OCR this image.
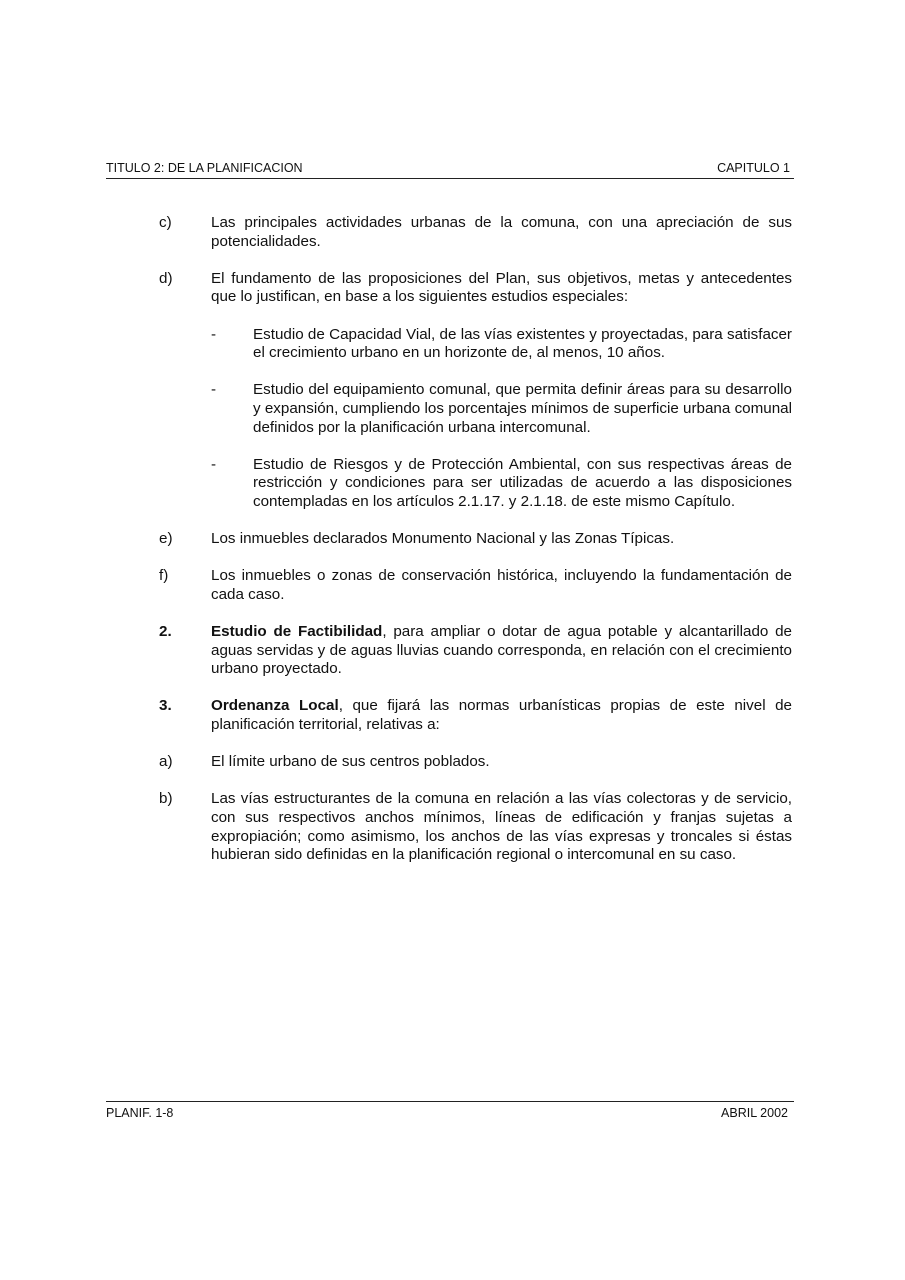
TITULO 2: DE LA PLANIFICACION	CAPITULO 1
c)	Las principales actividades urbanas de la comuna, con una apreciación de sus potencialidades.
d)	El fundamento de las proposiciones del Plan, sus objetivos, metas y antecedentes que lo justifican, en base a los siguientes estudios especiales:
- Estudio de Capacidad Vial, de las vías existentes y proyectadas, para satisfacer el crecimiento urbano en un horizonte de, al menos, 10 años.
- Estudio del equipamiento comunal, que permita definir áreas para su desarrollo y expansión, cumpliendo los porcentajes mínimos de superficie urbana comunal definidos por la planificación urbana intercomunal.
- Estudio de Riesgos y de Protección Ambiental, con sus respectivas áreas de restricción y condiciones para ser utilizadas de acuerdo a las disposiciones contempladas en los artículos 2.1.17. y 2.1.18. de este mismo Capítulo.
e)	Los inmuebles declarados Monumento Nacional y las Zonas Típicas.
f)	Los inmuebles o zonas de conservación histórica, incluyendo la fundamentación de cada caso.
2.	Estudio de Factibilidad, para ampliar o dotar de agua potable y alcantarillado de aguas servidas y de aguas lluvias cuando corresponda, en relación con el crecimiento urbano proyectado.
3.	Ordenanza Local, que fijará las normas urbanísticas propias de este nivel de planificación territorial, relativas a:
a)	El límite urbano de sus centros poblados.
b)	Las vías estructurantes de la comuna en relación a las vías colectoras y de servicio, con sus respectivos anchos mínimos, líneas de edificación y franjas sujetas a expropiación; como asimismo, los anchos de las vías expresas y troncales si éstas hubieran sido definidas en la planificación regional o intercomunal en su caso.
PLANIF. 1-8	ABRIL 2002
